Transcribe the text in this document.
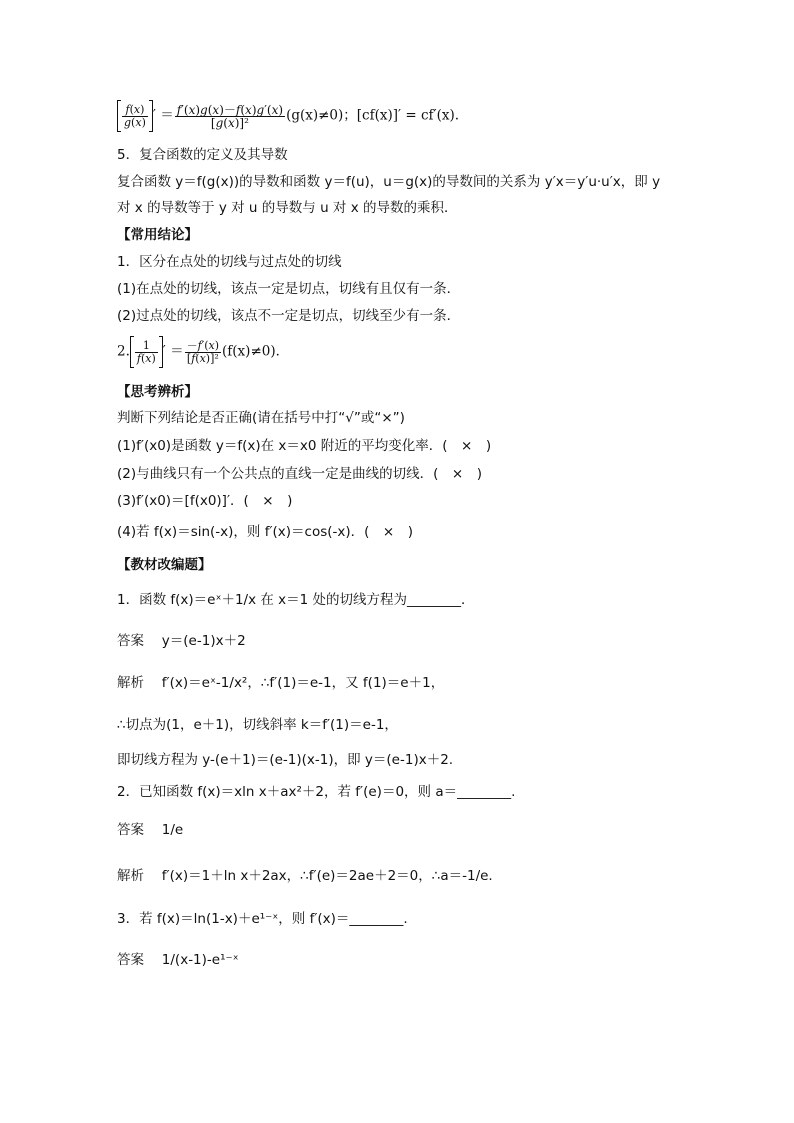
$\frac{f(x)}{g(x)}$ ′ ＝ $\frac{f'(x)g(x)-f(x)g'(x)}{\text{[g(x)]²}} (g(x)\ne 0)$；[cf(x)]′ = cf′(x).
5．复合函数的定义及其导数
复合函数 y＝f(g(x))的导数和函数 y＝f(u)，u＝g(x)的导数间的关系为 y′x＝y′u·u′x，即 y
对 x 的导数等于 y 对 u 的导数与 u 对 x 的导数的乘积．
【常用结论】
1．区分在点处的切线与过点处的切线
(1)在点处的切线，该点一定是切点，切线有且仅有一条．
(2)过点处的切线，该点不一定是切点，切线至少有一条．
2. $\frac{1}{f(x)}$ ′ ＝ $\frac{-f'(x)}{\text{[f(x)]²}} (f(x)\ne 0)$．
【思考辨析】
判断下列结论是否正确(请在括号中打“√”或“×”)
(1)f′(x0)是函数 y＝f(x)在 x＝x0 附近的平均变化率．(　×　)
(2)与曲线只有一个公共点的直线一定是曲线的切线．(　×　)
(3)f′(x0)＝[f(x0)]′．(　×　)
(4)若 f(x)＝sin(-x)，则 f′(x)＝cos(-x)．(　×　)
【教材改编题】
1．函数 f(x)＝eˣ＋1/x 在 x＝1 处的切线方程为________．
答案　 y＝(e-1)x＋2
解析　 f′(x)＝eˣ-1/x²，∴f′(1)＝e-1，又 f(1)＝e＋1，
∴切点为(1，e＋1)，切线斜率 k＝f′(1)＝e-1，
即切线方程为 y-(e＋1)＝(e-1)(x-1)，即 y＝(e-1)x＋2.
2．已知函数 f(x)＝xln x＋ax²＋2，若 f′(e)＝0，则 a＝________.
答案　 1/e
解析　 f′(x)＝1＋ln x＋2ax，∴f′(e)＝2ae＋2＝0，∴a＝-1/e.
3．若 f(x)＝ln(1-x)＋e¹⁻ˣ，则 f′(x)＝________.
答案　 1/(x-1)-e¹⁻ˣ
